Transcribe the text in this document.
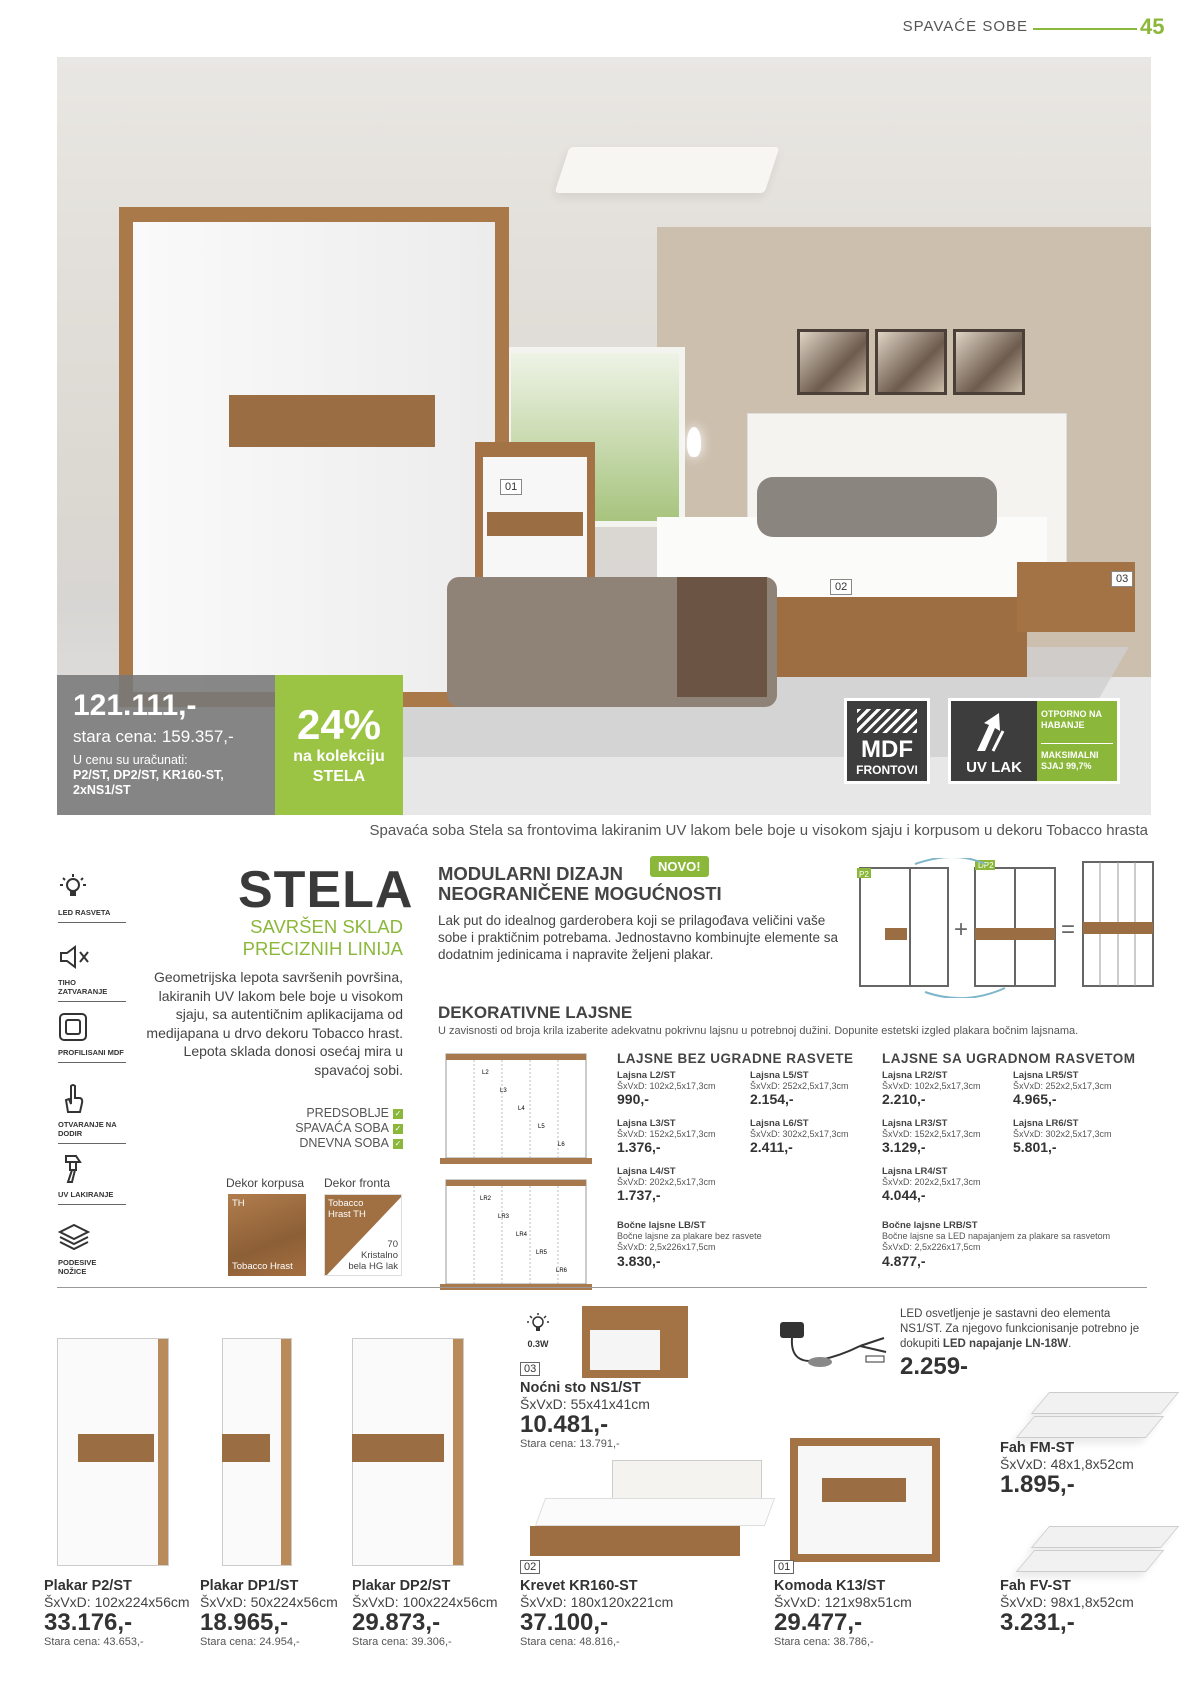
SPAVAĆE SOBE	45
01
02
03
121.111,-
stara cena: 159.357,-
U cenu su uračunati:
P2/ST, DP2/ST, KR160-ST, 2xNS1/ST
24%
na kolekciju
STELA
MDF
FRONTOVI	UV LAK
OTPORNO NA HABANJE
MAKSIMALNI SJAJ 99,7%
Spavaća soba Stela sa frontovima lakiranim UV lakom bele boje u visokom sjaju i korpusom u dekoru Tobacco hrasta
LED RASVETA
TIHO ZATVARANJE
PROFILISANI MDF
OTVARANJE NA DODIR
UV LAKIRANJE
PODESIVE NOŽICE
STELA
SAVRŠEN SKLAD PRECIZNIH LINIJA
Geometrijska lepota savršenih površina, lakiranih UV lakom bele boje u visokom sjaju, sa autentičnim aplikacijama od medijapana u drvo dekoru Tobacco hrast. Lepota sklada donosi osećaj mira u spavaćoj sobi.
PREDSOBLJE ✓
SPAVAĆA SOBA ✓
DNEVNA SOBA ✓
Dekor korpusa Dekor fronta
TH
Tobacco Hrast
Tobacco Hrast TH
70
Kristalno bela HG lak
MODULARNI DIZAJN
NEOGRANIČENE MOGUĆNOSTI
NOVO!
Lak put do idealnog garderobera koji se prilagođava veličini vaše sobe i praktičnim potrebama. Jednostavno kombinujte elemente sa dodatnim jedinicama i napravite željeni plakar.
P2
+
DP2
=
DEKORATIVNE LAJSNE
U zavisnosti od broja krila izaberite adekvatnu pokrivnu lajsnu u potrebnoj dužini. Dopunite estetski izgled plakara bočnim lajsnama.
L2
L3
L4
L5
L6
LR2
LR3
LR4
LR5
LR6
LAJSNE BEZ UGRADNE RASVETE LAJSNE SA UGRADNOM RASVETOM
Lajsna L2/ST
ŠxVxD: 102x2,5x17,3cm
990,-
Lajsna L5/ST
ŠxVxD: 252x2,5x17,3cm
2.154,-
Lajsna L3/ST
ŠxVxD: 152x2,5x17,3cm
1.376,-
Lajsna L6/ST
ŠxVxD: 302x2,5x17,3cm
2.411,-
Lajsna L4/ST
ŠxVxD: 202x2,5x17,3cm
1.737,-
Bočne lajsne LB/ST
Bočne lajsne za plakare bez rasvete
ŠxVxD: 2,5x226x17,5cm
3.830,-
Lajsna LR2/ST
ŠxVxD: 102x2,5x17,3cm
2.210,-
Lajsna LR5/ST
ŠxVxD: 252x2,5x17,3cm
4.965,-
Lajsna LR3/ST
ŠxVxD: 152x2,5x17,3cm
3.129,-
Lajsna LR6/ST
ŠxVxD: 302x2,5x17,3cm
5.801,-
Lajsna LR4/ST
ŠxVxD: 202x2,5x17,3cm
4.044,-
Bočne lajsne LRB/ST
Bočne lajsne sa LED napajanjem za plakare sa rasvetom
ŠxVxD: 2,5x226x17,5cm
4.877,-
Plakar P2/ST
ŠxVxD: 102x224x56cm
33.176,-
Stara cena: 43.653,-
Plakar DP1/ST
ŠxVxD: 50x224x56cm
18.965,-
Stara cena: 24.954,-
Plakar DP2/ST
ŠxVxD: 100x224x56cm
29.873,-
Stara cena: 39.306,-
0.3W
03
Noćni sto NS1/ST
ŠxVxD: 55x41x41cm
10.481,-
Stara cena: 13.791,-
02
Krevet KR160-ST
ŠxVxD: 180x120x221cm
37.100,-
Stara cena: 48.816,-
LED osvetljenje je sastavni deo elementa NS1/ST. Za njegovo funkcionisanje potrebno je dokupiti LED napajanje LN-18W.
2.259-
01
Komoda K13/ST
ŠxVxD: 121x98x51cm
29.477,-
Stara cena: 38.786,-
Fah FM-ST
ŠxVxD: 48x1,8x52cm
1.895,-
Fah FV-ST
ŠxVxD: 98x1,8x52cm
3.231,-
